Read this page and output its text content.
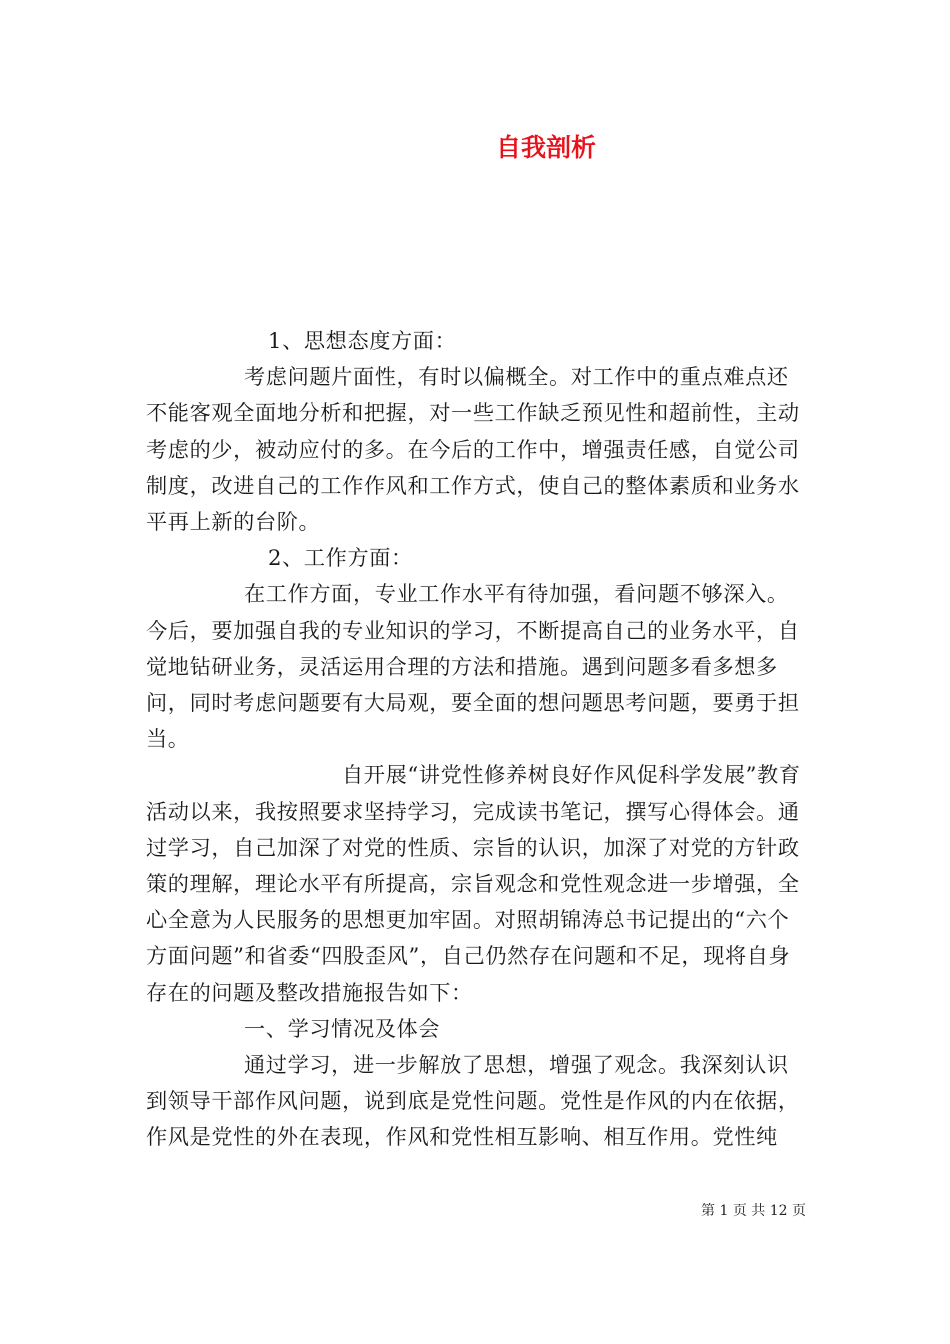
自我剖析

1、思想态度方面：

考虑问题片面性，有时以偏概全。对工作中的重点难点还不能客观全面地分析和把握，对一些工作缺乏预见性和超前性，主动考虑的少，被动应付的多。在今后的工作中，增强责任感，自觉公司制度，改进自己的工作作风和工作方式，使自己的整体素质和业务水平再上新的台阶。

2、工作方面：

在工作方面，专业工作水平有待加强，看问题不够深入。今后，要加强自我的专业知识的学习，不断提高自己的业务水平，自觉地钻研业务，灵活运用合理的方法和措施。遇到问题多看多想多问，同时考虑问题要有大局观，要全面的想问题思考问题，要勇于担当。

自开展“讲党性修养树良好作风促科学发展”教育活动以来，我按照要求坚持学习，完成读书笔记，撰写心得体会。通过学习，自己加深了对党的性质、宗旨的认识，加深了对党的方针政策的理解，理论水平有所提高，宗旨观念和党性观念进一步增强，全心全意为人民服务的思想更加牢固。对照胡锦涛总书记提出的“六个方面问题”和省委“四股歪风”，自己仍然存在问题和不足，现将自身存在的问题及整改措施报告如下：

一、学习情况及体会

通过学习，进一步解放了思想，增强了观念。我深刻认识到领导干部作风问题，说到底是党性问题。党性是作风的内在依据，作风是党性的外在表现，作风和党性相互影响、相互作用。党性纯

第 1 页 共 12 页
